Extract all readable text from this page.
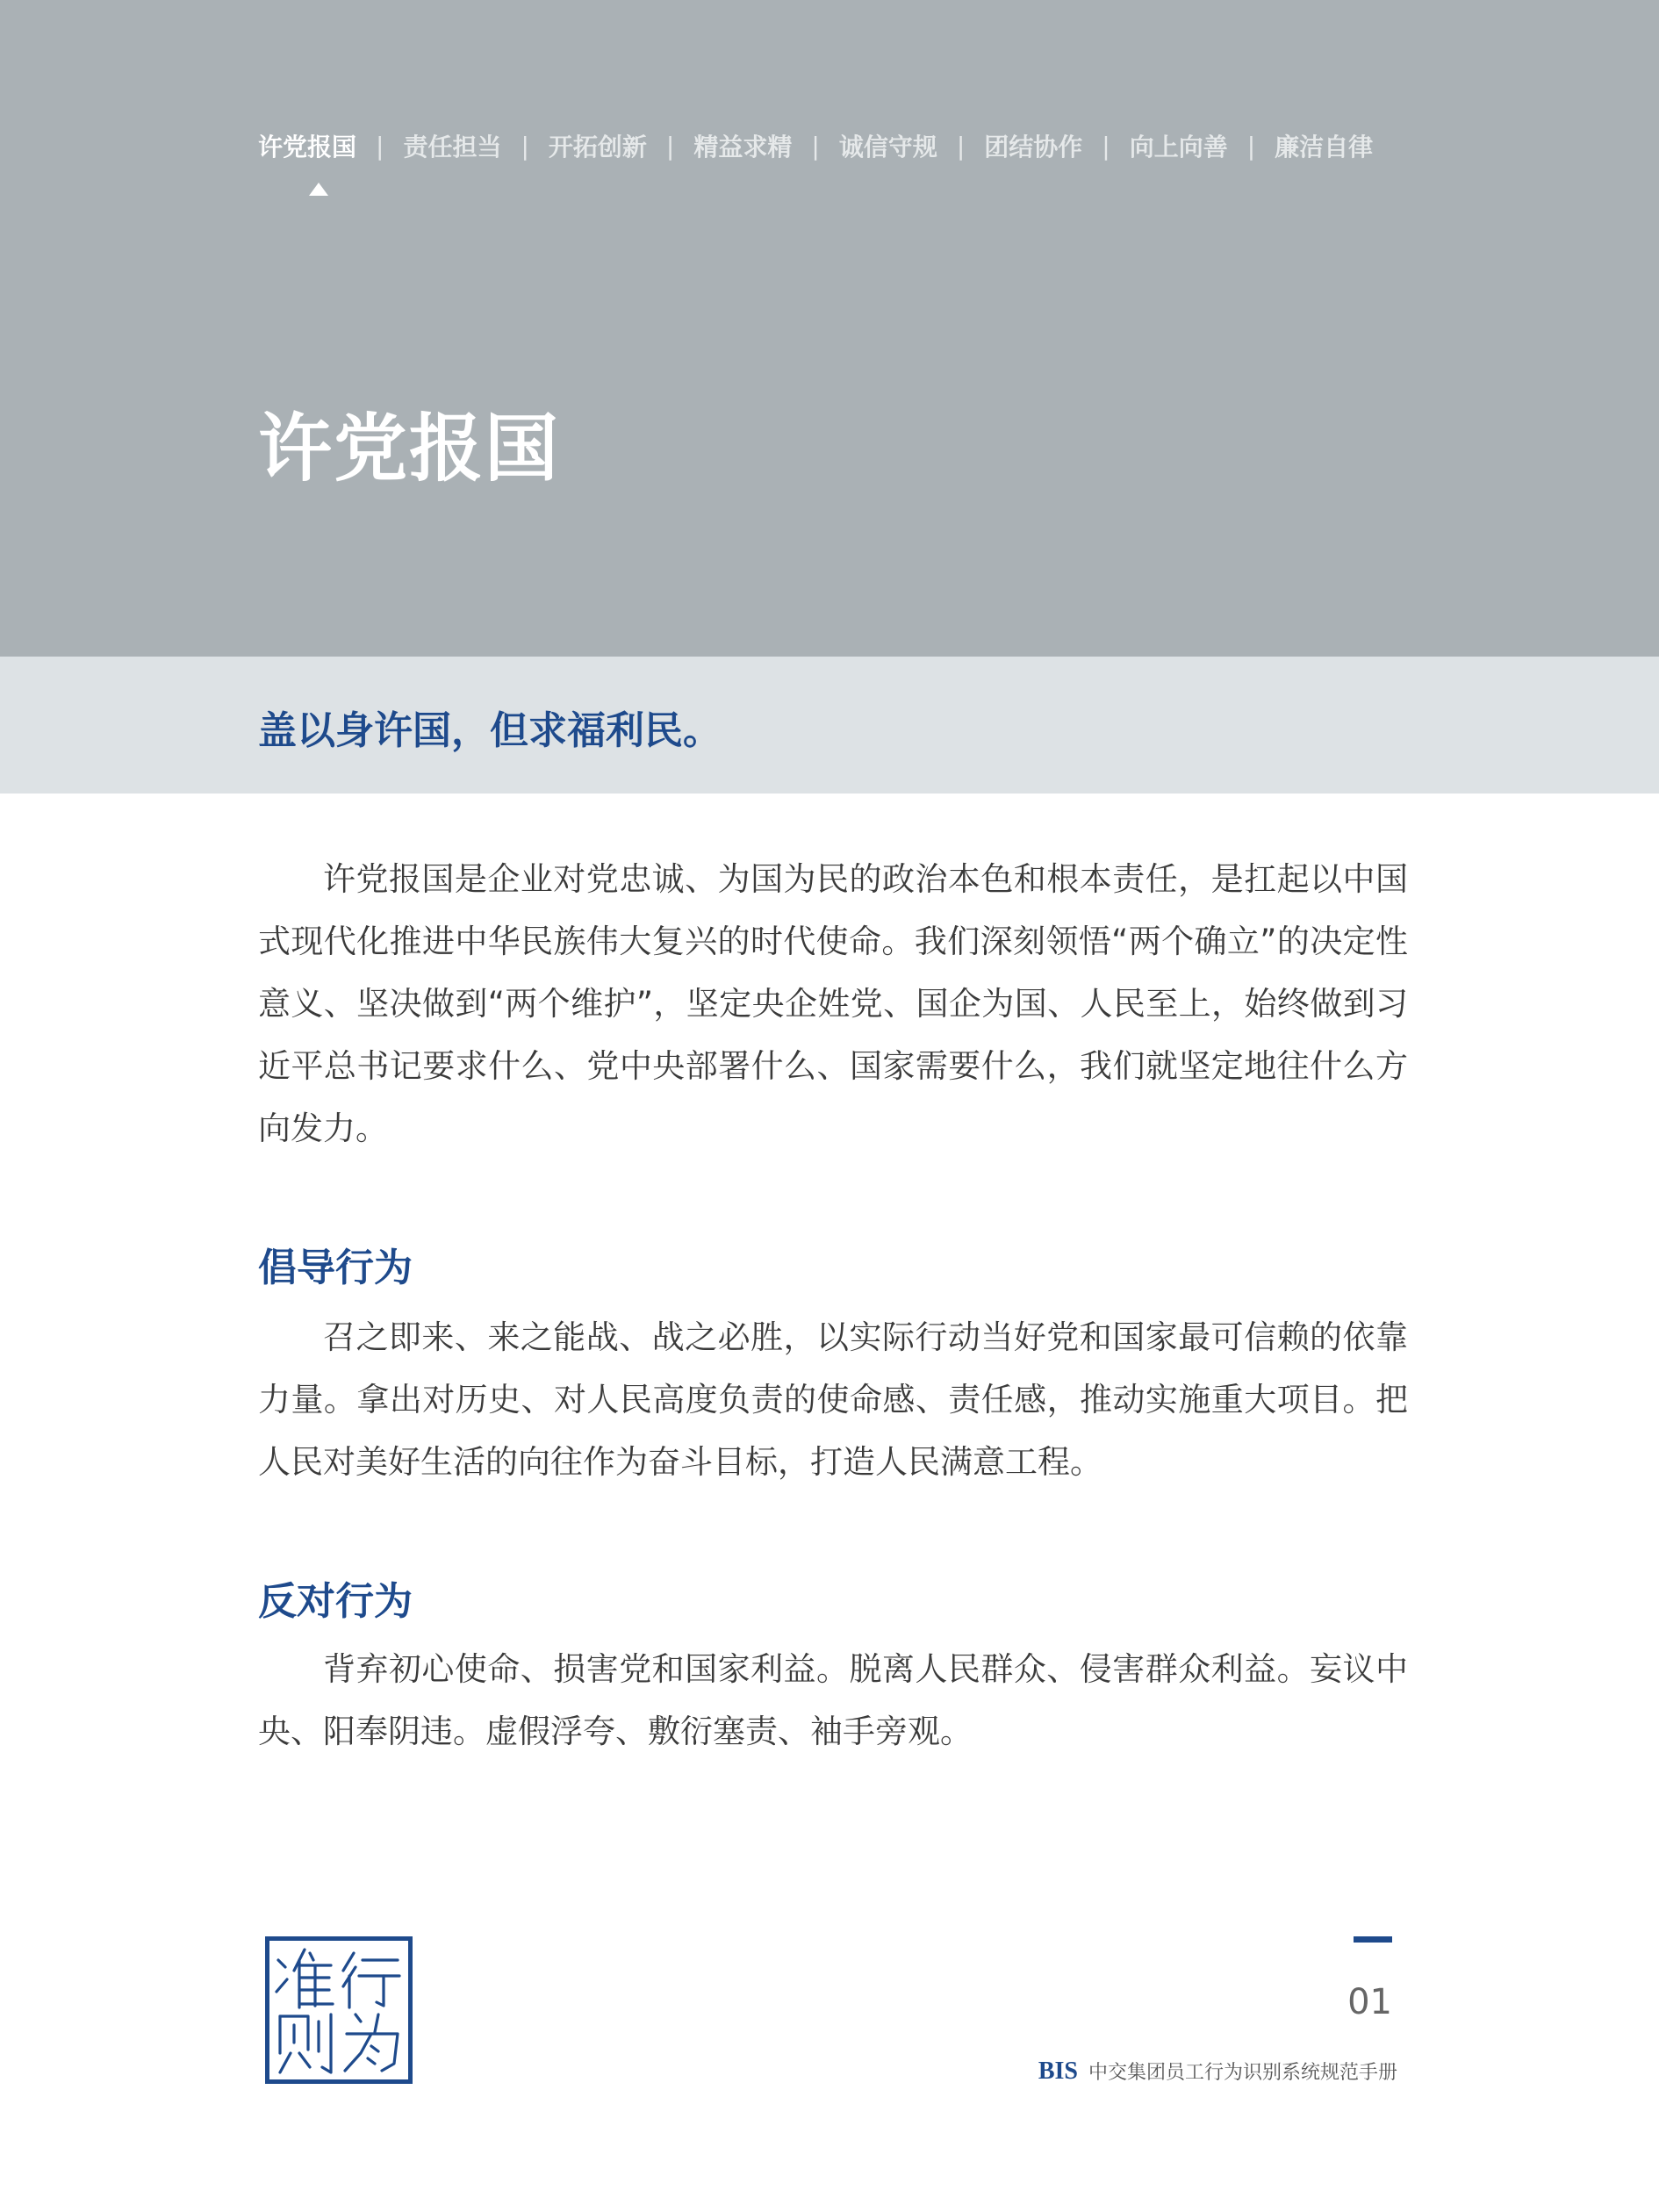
许党报国 | 责任担当 | 开拓创新 | 精益求精 | 诚信守规 | 团结协作 | 向上向善 | 廉洁自律
许党报国
盖以身许国，但求福利民。

许党报国是企业对党忠诚、为国为民的政治本色和根本责任，是扛起以中国式现代化推进中华民族伟大复兴的时代使命。我们深刻领悟“两个确立”的决定性意义、坚决做到“两个维护”，坚定央企姓党、国企为国、人民至上，始终做到习近平总书记要求什么、党中央部署什么、国家需要什么，我们就坚定地往什么方向发力。

倡导行为

召之即来、来之能战、战之必胜，以实际行动当好党和国家最可信赖的依靠力量。拿出对历史、对人民高度负责的使命感、责任感，推动实施重大项目。把人民对美好生活的向往作为奋斗目标，打造人民满意工程。

反对行为

背弃初心使命、损害党和国家利益。脱离人民群众、侵害群众利益。妄议中央、阳奉阴违。虚假浮夸、敷衍塞责、袖手旁观。

01
BIS 中交集团员工行为识别系统规范手册
